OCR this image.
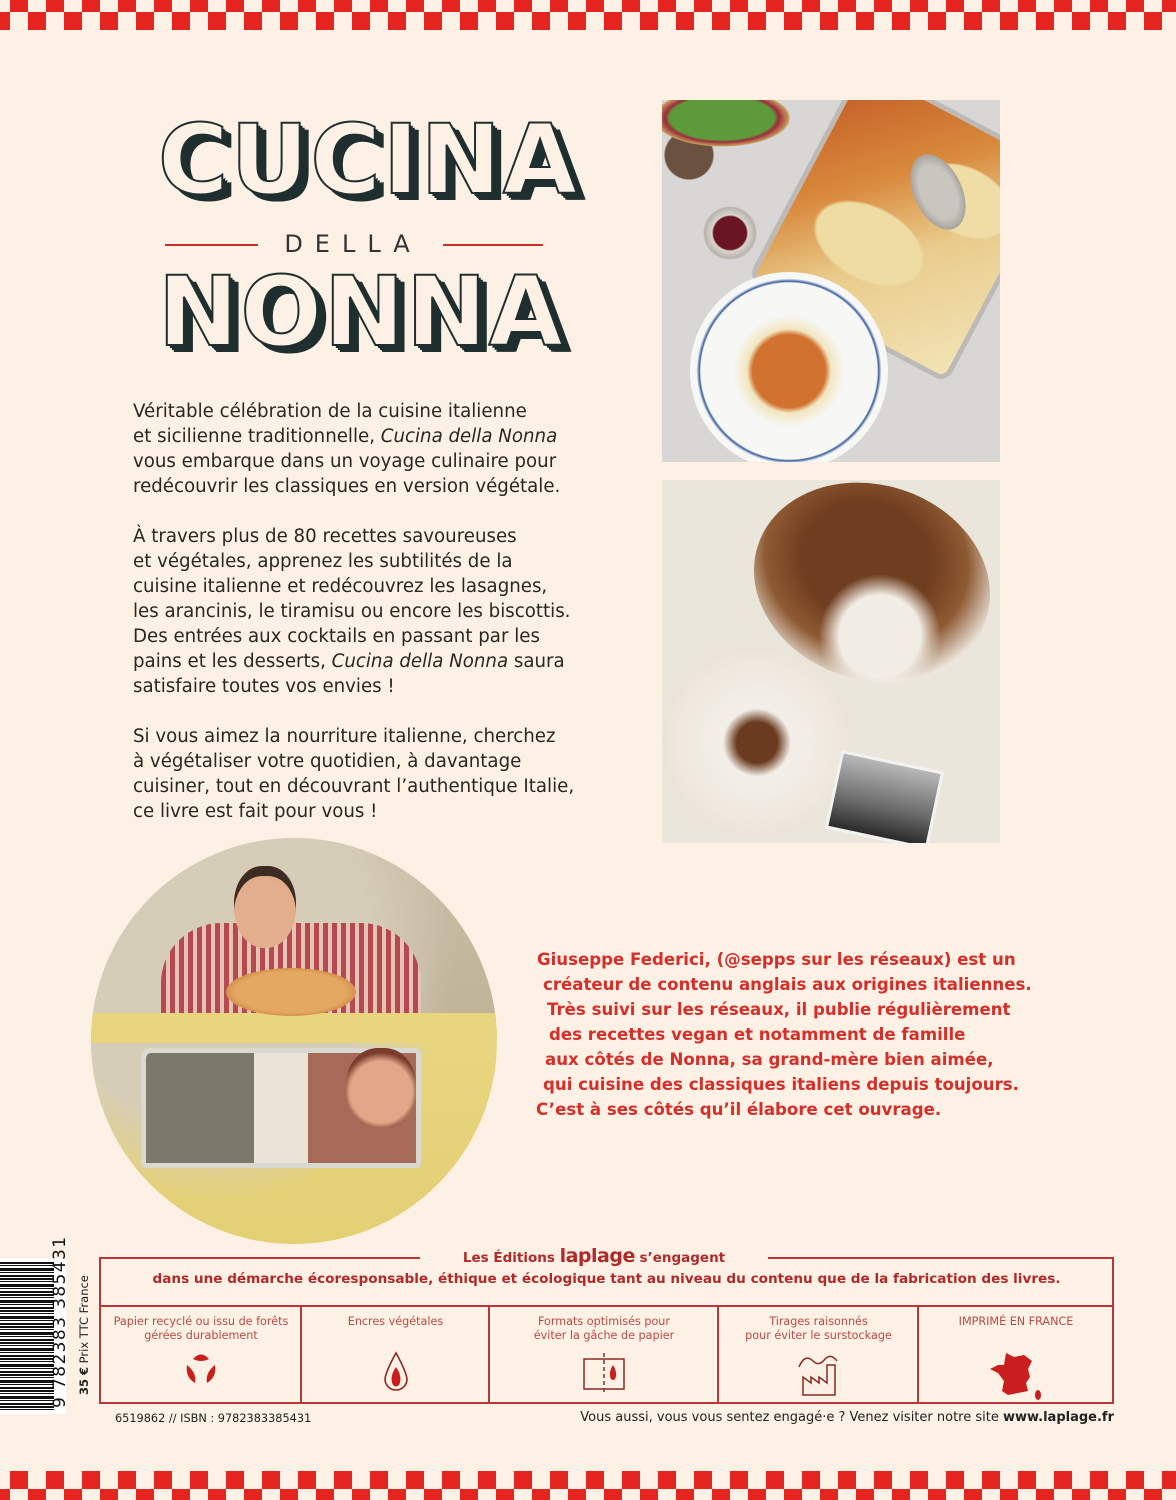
CUCINA
DELLA
NONNA

Véritable célébration de la cuisine italienne
et sicilienne traditionnelle, Cucina della Nonna
vous embarque dans un voyage culinaire pour
redécouvrir les classiques en version végétale.

À travers plus de 80 recettes savoureuses
et végétales, apprenez les subtilités de la
cuisine italienne et redécouvrez les lasagnes,
les arancinis, le tiramisu ou encore les biscottis.
Des entrées aux cocktails en passant par les
pains et les desserts, Cucina della Nonna saura
satisfaire toutes vos envies !

Si vous aimez la nourriture italienne, cherchez
à végétaliser votre quotidien, à davantage
cuisiner, tout en découvrant l’authentique Italie,
ce livre est fait pour vous !

Giuseppe Federici, (@sepps sur les réseaux) est un
créateur de contenu anglais aux origines italiennes.
Très suivi sur les réseaux, il publie régulièrement
des recettes vegan et notamment de famille
aux côtés de Nonna, sa grand-mère bien aimée,
qui cuisine des classiques italiens depuis toujours.
C’est à ses côtés qu’il élabore cet ouvrage.
9 782383 385431 35 € Prix TTC France
Les Éditions laplage s’engagent
dans une démarche écoresponsable, éthique et écologique tant au niveau du contenu que de la fabrication des livres.
Papier recyclé ou issu de forêts
gérées durablement
Encres végétales	Formats optimisés pour
éviter la gâche de papier
Tirages raisonnés
pour éviter le surstockage
IMPRIMÉ EN FRANCE
6519862 // ISBN : 9782383385431	Vous aussi, vous vous sentez engagé·e ? Venez visiter notre site www.laplage.fr
